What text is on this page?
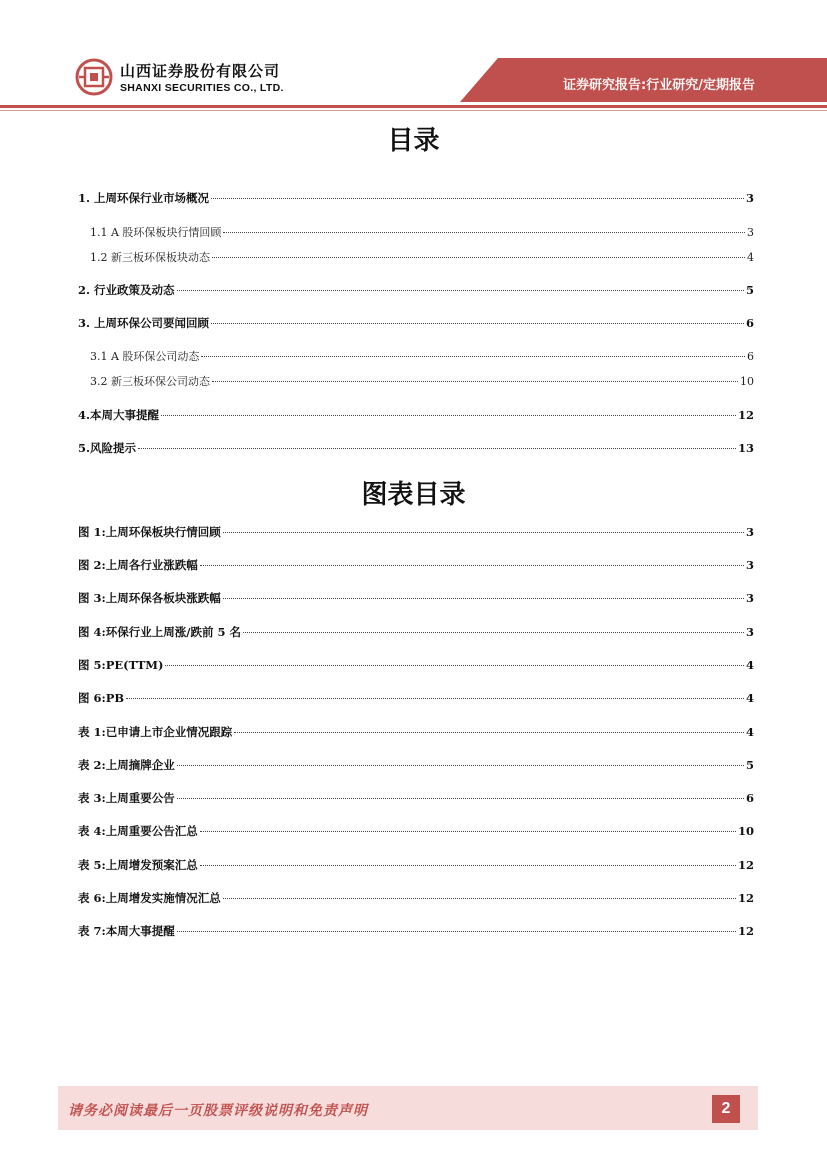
山西证券股份有限公司
SHANXI SECURITIES CO., LTD.	证券研究报告:行业研究/定期报告
目录
1. 上周环保行业市场概况	3
1.1 A 股环保板块行情回顾	3
1.2 新三板环保板块动态	4
2. 行业政策及动态	5
3. 上周环保公司要闻回顾	6
3.1 A 股环保公司动态	6
3.2 新三板环保公司动态	10
4.本周大事提醒	12
5.风险提示	13
图表目录
图 1:上周环保板块行情回顾	3
图 2:上周各行业涨跌幅	3
图 3:上周环保各板块涨跌幅	3
图 4:环保行业上周涨/跌前 5 名	3
图 5:PE(TTM)	4
图 6:PB	4
表 1:已申请上市企业情况跟踪	4
表 2:上周摘牌企业	5
表 3:上周重要公告	6
表 4:上周重要公告汇总	10
表 5:上周增发预案汇总	12
表 6:上周增发实施情况汇总	12
表 7:本周大事提醒	12
请务必阅读最后一页股票评级说明和免责声明	2
